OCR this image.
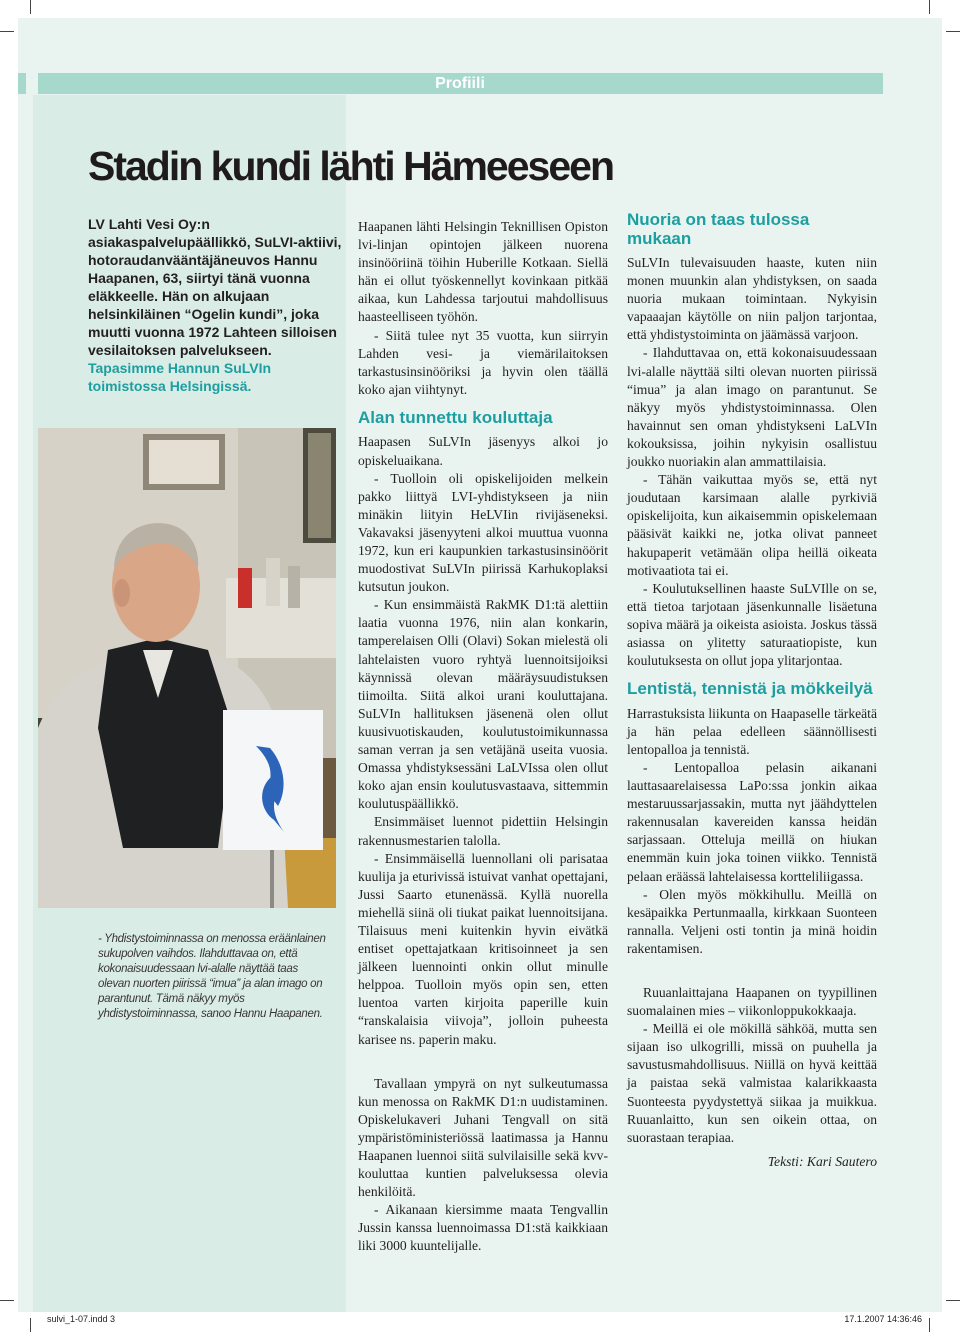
Profiili
Stadin kundi lähti Hämeeseen

LV Lahti Vesi Oy:n asiakaspalvelupäällikkö, SuLVI-aktiivi, hotoraudanvääntäjäneuvos Hannu Haapanen, 63, siirtyi tänä vuonna eläkkeelle. Hän on alkujaan helsinkiläinen “Ogelin kundi”, joka muutti vuonna 1972 Lahteen silloisen vesilaitoksen palvelukseen. Tapasimme Hannun SuLVIn toimistossa Helsingissä.

- Yhdistystoiminnassa on menossa eräänlainen sukupolven vaihdos. Ilahduttavaa on, että kokonaisuudessaan lvi-alalle näyttää taas olevan nuorten piirissä “imua” ja alan imago on parantunut. Tämä näkyy myös yhdistystoiminnassa, sanoo Hannu Haapanen.

Haapanen lähti Helsingin Teknillisen Opiston lvi-linjan opintojen jälkeen nuorena insinööriinä töihin Huberille Kotkaan. Siellä hän ei ollut työskennellyt kovinkaan pitkää aikaa, kun Lahdessa tarjoutui mahdollisuus haasteelliseen työhön.

- Siitä tulee nyt 35 vuotta, kun siirryin Lahden vesi- ja viemärilaitoksen tarkastusinsinööriksi ja hyvin olen täällä koko ajan viihtynyt.

Alan tunnettu kouluttaja

Haapasen SuLVIn jäsenyys alkoi jo opiskeluaikana.

- Tuolloin oli opiskelijoiden melkein pakko liittyä LVI-yhdistykseen ja niin minäkin liityin HeLVIin rivijäseneksi. Vakavaksi jäsenyyteni alkoi muuttua vuonna 1972, kun eri kaupunkien tarkastusinsinöörit muodostivat SuLVIn piirissä Karhukoplaksi kutsutun joukon.

- Kun ensimmäistä RakMK D1:tä alettiin laatia vuonna 1976, niin alan konkarin, tamperelaisen Olli (Olavi) Sokan mielestä oli lahtelaisten vuoro ryhtyä luennoitsijoiksi käynnissä olevan määräysuudistuksen tiimoilta. Siitä alkoi urani kouluttajana. SuLVIn hallituksen jäsenenä olen ollut kuusivuotiskauden, koulutustoimikunnassa saman verran ja sen vetäjänä useita vuosia. Omassa yhdistyksessäni LaLVIssa olen ollut koko ajan ensin koulutusvastaava, sittemmin koulutuspäällikkö.

Ensimmäiset luennot pidettiin Helsingin rakennusmestarien talolla.

- Ensimmäisellä luennollani oli parisataa kuulija ja eturivissä istuivat vanhat opettajani, Jussi Saarto etunenässä. Kyllä nuorella miehellä siinä oli tiukat paikat luennoitsijana. Tilaisuus meni kuitenkin hyvin eivätkä entiset opettajatkaan kritisoinneet ja sen jälkeen luennointi onkin ollut minulle helppoa. Tuolloin myös opin sen, etten luentoa varten kirjoita paperille kuin “ranskalaisia viivoja”, jolloin puheesta karisee ns. paperin maku.

Tavallaan ympyrä on nyt sulkeutumassa kun menossa on RakMK D1:n uudistaminen. Opiskelukaveri Juhani Tengvall on sitä ympäristöministeriössä laatimassa ja Hannu Haapanen luennoi siitä sulvilaisille sekä kvv-kouluttaa kuntien palveluksessa olevia henkilöitä.

- Aikanaan kiersimme maata Tengvallin Jussin kanssa luennoimassa D1:stä kaikkiaan liki 3000 kuuntelijalle.

Nuoria on taas tulossa mukaan

SuLVIn tulevaisuuden haaste, kuten niin monen muunkin alan yhdistyksen, on saada nuoria mukaan toimintaan. Nykyisin vapaaajan käytölle on niin paljon tarjontaa, että yhdistystoiminta on jäämässä varjoon.

- Ilahduttavaa on, että kokonaisuudessaan lvi-alalle näyttää silti olevan nuorten piirissä “imua” ja alan imago on parantunut. Se näkyy myös yhdistystoiminnassa. Olen havainnut sen oman yhdistykseni LaLVIn kokouksissa, joihin nykyisin osallistuu joukko nuoriakin alan ammattilaisia.

- Tähän vaikuttaa myös se, että nyt joudutaan karsimaan alalle pyrkiviä opiskelijoita, kun aikaisemmin opiskelemaan pääsivät kaikki ne, jotka olivat panneet hakupaperit vetämään olipa heillä oikeata motivaatiota tai ei.

- Koulutuksellinen haaste SuLVIlle on se, että tietoa tarjotaan jäsenkunnalle lisäetuna sopiva määrä ja oikeista asioista. Joskus tässä asiassa on ylitetty saturaatiopiste, kun koulutuksesta on ollut jopa ylitarjontaa.

Lentistä, tennistä ja mökkeilyä

Harrastuksista liikunta on Haapaselle tärkeätä ja hän pelaa edelleen säännöllisesti lentopalloa ja tennistä.

- Lentopalloa pelasin aikanani lauttasaarelaisessa LaPo:ssa jonkin aikaa mestaruussarjassakin, mutta nyt jäähdyttelen rakennusalan kavereiden kanssa heidän sarjassaan. Otteluja meillä on hiukan enemmän kuin joka toinen viikko. Tennistä pelaan eräässä lahtelaisessa kortteliliigassa.

- Olen myös mökkihullu. Meillä on kesäpaikka Pertunmaalla, kirkkaan Suonteen rannalla. Veljeni osti tontin ja minä hoidin rakentamisen.

Ruuanlaittajana Haapanen on tyypillinen suomalainen mies – viikonloppukokkaaja.

- Meillä ei ole mökillä sähköä, mutta sen sijaan iso ulkogrilli, missä on puuhella ja savustusmahdollisuus. Niillä on hyvä keittää ja paistaa sekä valmistaa kalarikkaasta Suonteesta pyydystettyä siikaa ja muikkua. Ruuanlaitto, kun sen oikein ottaa, on suorastaan terapiaa.

Teksti: Kari Sautero

sulvi_1-07.indd 3	17.1.2007 14:36:46
